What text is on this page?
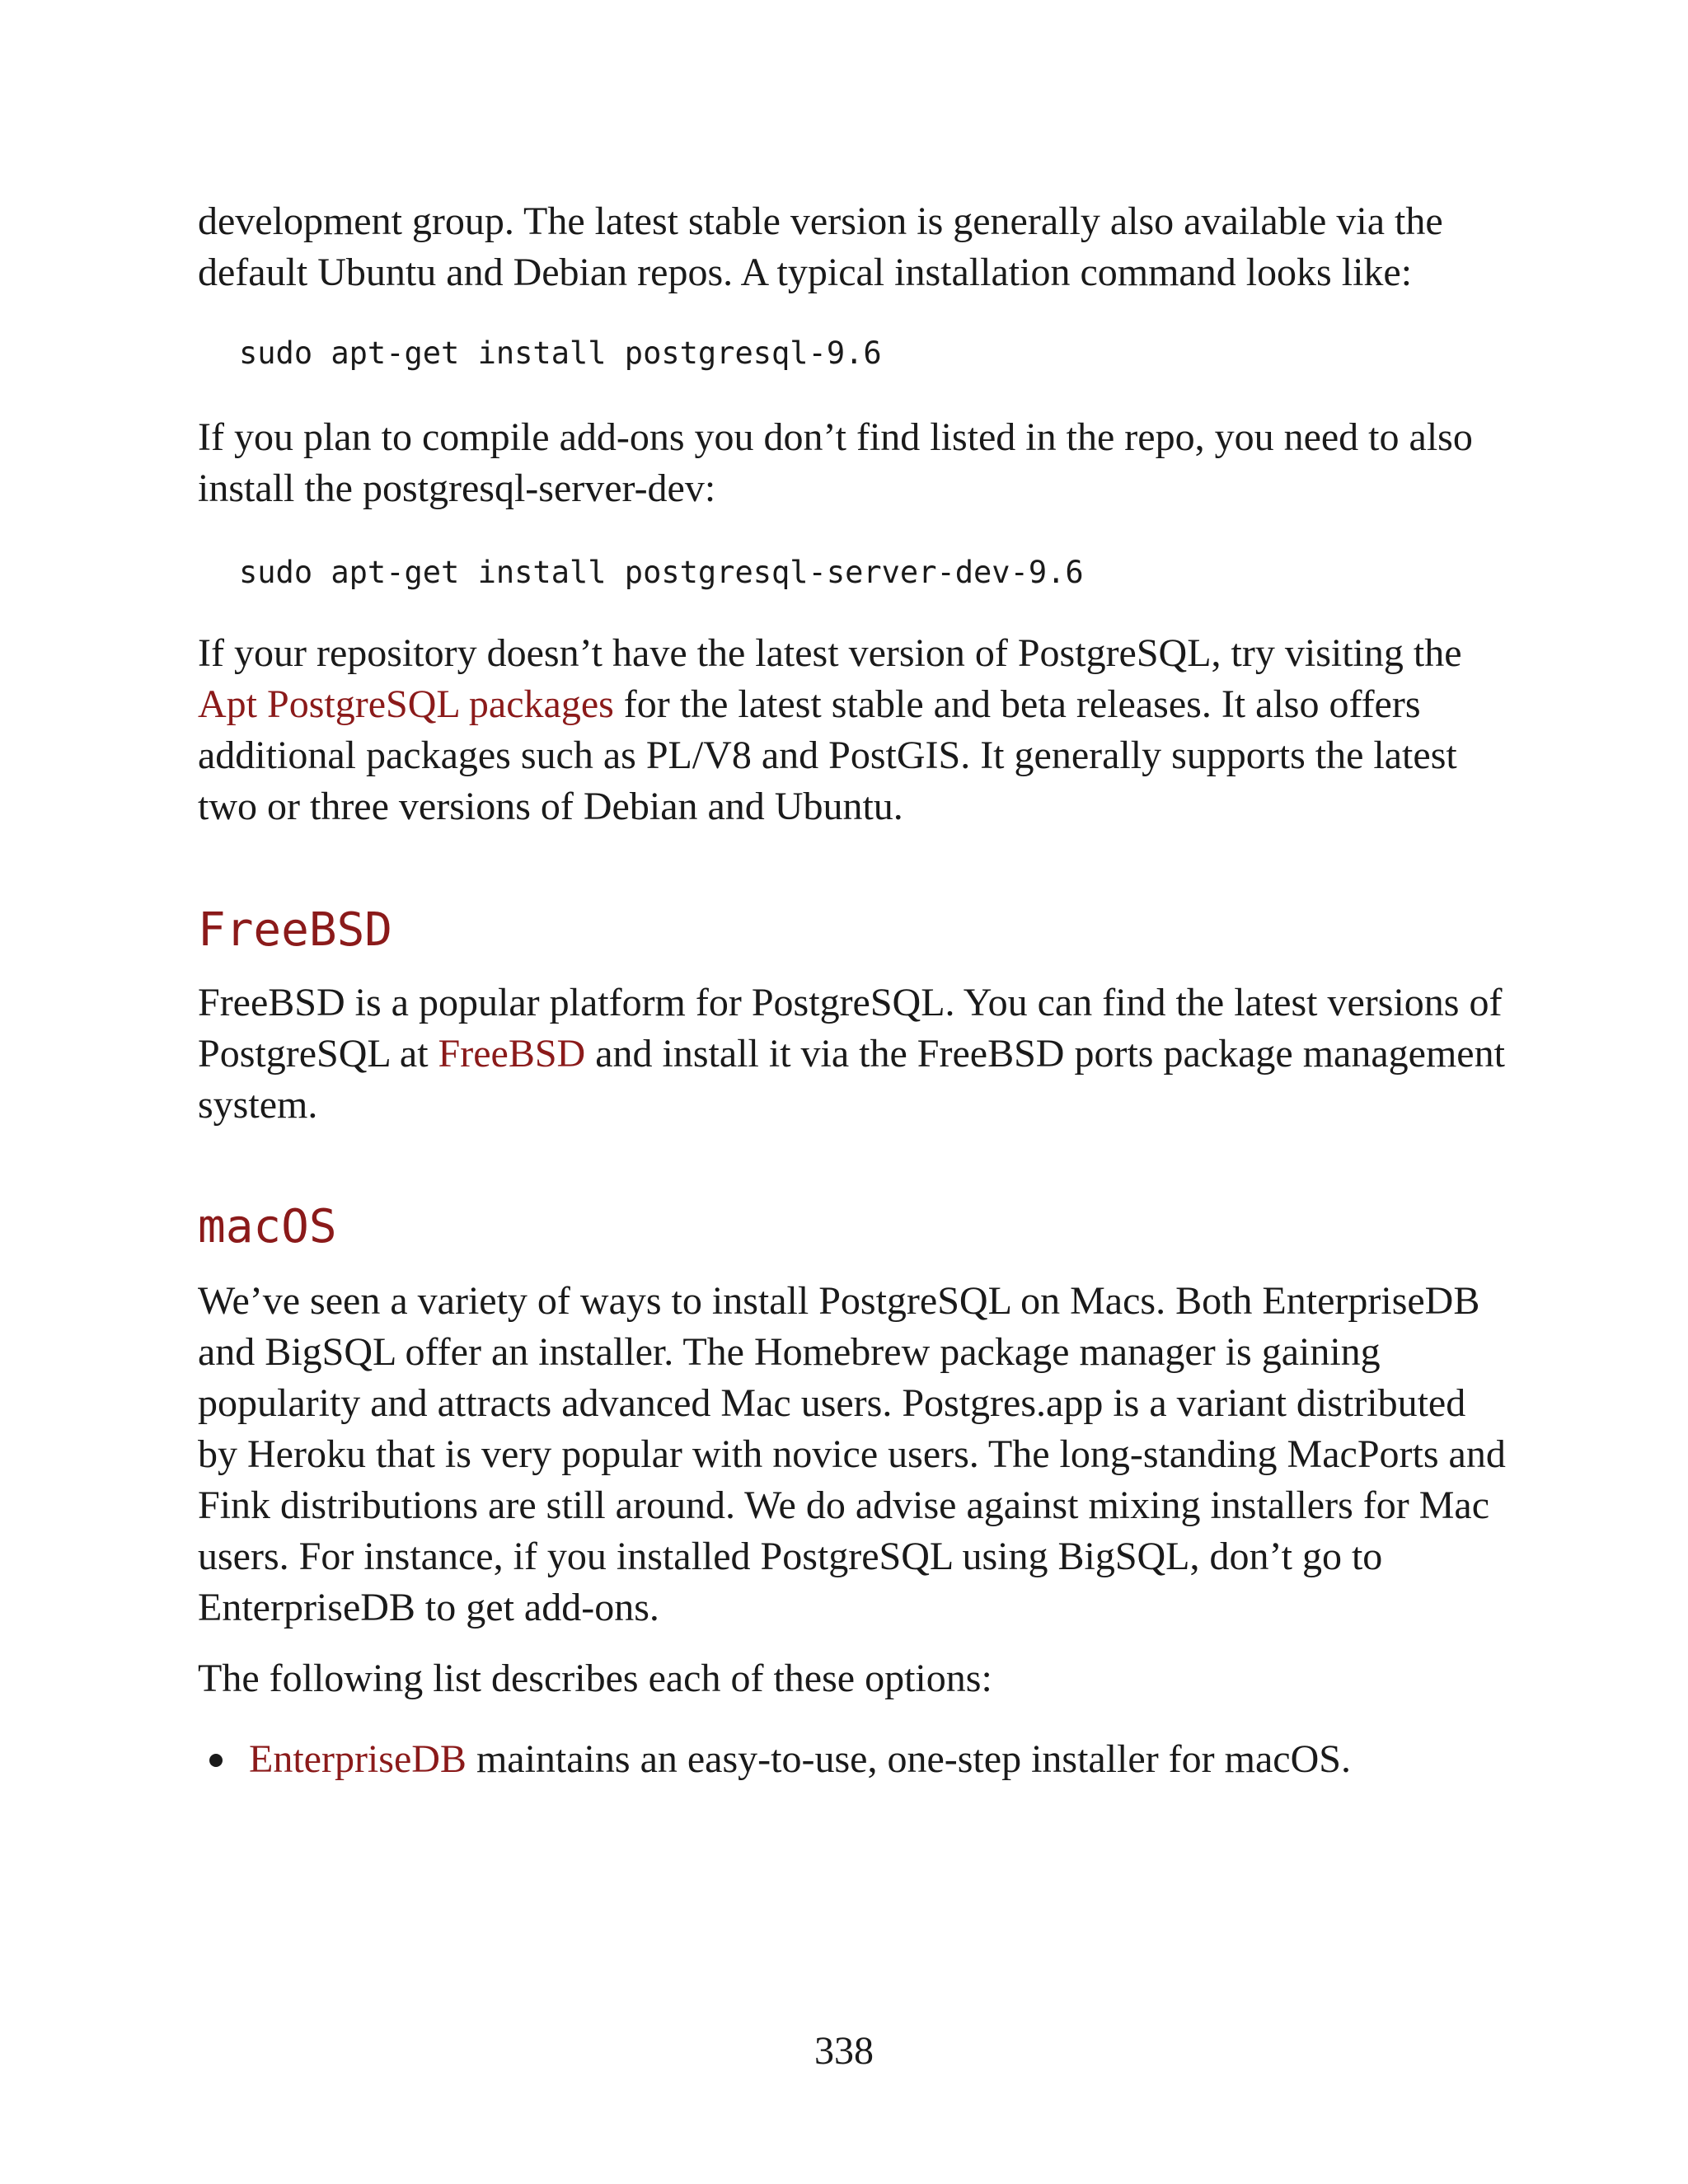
development group. The latest stable version is generally also available via the default Ubuntu and Debian repos. A typical installation command looks like:

sudo apt-get install postgresql-9.6

If you plan to compile add-ons you don’t find listed in the repo, you need to also install the postgresql-server-dev:

sudo apt-get install postgresql-server-dev-9.6

If your repository doesn’t have the latest version of PostgreSQL, try visiting the Apt PostgreSQL packages for the latest stable and beta releases. It also offers additional packages such as PL/V8 and PostGIS. It generally supports the latest two or three versions of Debian and Ubuntu.

FreeBSD

FreeBSD is a popular platform for PostgreSQL. You can find the latest versions of PostgreSQL at FreeBSD and install it via the FreeBSD ports package management system.

macOS

We’ve seen a variety of ways to install PostgreSQL on Macs. Both EnterpriseDB and BigSQL offer an installer. The Homebrew package manager is gaining popularity and attracts advanced Mac users. Postgres.app is a variant distributed by Heroku that is very popular with novice users. The long-standing MacPorts and Fink distributions are still around. We do advise against mixing installers for Mac users. For instance, if you installed PostgreSQL using BigSQL, don’t go to EnterpriseDB to get add-ons.

The following list describes each of these options:

EnterpriseDB maintains an easy-to-use, one-step installer for macOS.
338
